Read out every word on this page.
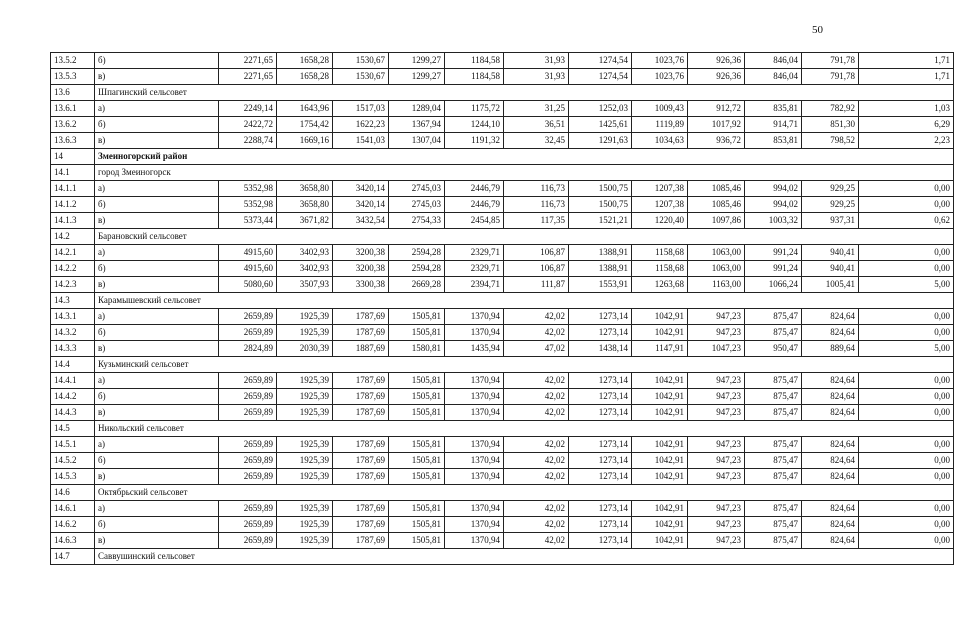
50
13.5.2	б)	2271,65	1658,28	1530,67	1299,27	1184,58	31,93	1274,54	1023,76	926,36	846,04	791,78	1,71
13.5.3	в)	2271,65	1658,28	1530,67	1299,27	1184,58	31,93	1274,54	1023,76	926,36	846,04	791,78	1,71
13.6	Шпагинский сельсовет												
13.6.1	а)	2249,14	1643,96	1517,03	1289,04	1175,72	31,25	1252,03	1009,43	912,72	835,81	782,92	1,03
13.6.2	б)	2422,72	1754,42	1622,23	1367,94	1244,10	36,51	1425,61	1119,89	1017,92	914,71	851,30	6,29
13.6.3	в)	2288,74	1669,16	1541,03	1307,04	1191,32	32,45	1291,63	1034,63	936,72	853,81	798,52	2,23
14	Змеиногорский район												
14.1	город Змеиногорск												
14.1.1	а)	5352,98	3658,80	3420,14	2745,03	2446,79	116,73	1500,75	1207,38	1085,46	994,02	929,25	0,00
14.1.2	б)	5352,98	3658,80	3420,14	2745,03	2446,79	116,73	1500,75	1207,38	1085,46	994,02	929,25	0,00
14.1.3	в)	5373,44	3671,82	3432,54	2754,33	2454,85	117,35	1521,21	1220,40	1097,86	1003,32	937,31	0,62
14.2	Барановский сельсовет												
14.2.1	а)	4915,60	3402,93	3200,38	2594,28	2329,71	106,87	1388,91	1158,68	1063,00	991,24	940,41	0,00
14.2.2	б)	4915,60	3402,93	3200,38	2594,28	2329,71	106,87	1388,91	1158,68	1063,00	991,24	940,41	0,00
14.2.3	в)	5080,60	3507,93	3300,38	2669,28	2394,71	111,87	1553,91	1263,68	1163,00	1066,24	1005,41	5,00
14.3	Карамышевский сельсовет												
14.3.1	а)	2659,89	1925,39	1787,69	1505,81	1370,94	42,02	1273,14	1042,91	947,23	875,47	824,64	0,00
14.3.2	б)	2659,89	1925,39	1787,69	1505,81	1370,94	42,02	1273,14	1042,91	947,23	875,47	824,64	0,00
14.3.3	в)	2824,89	2030,39	1887,69	1580,81	1435,94	47,02	1438,14	1147,91	1047,23	950,47	889,64	5,00
14.4	Кузьминский сельсовет												
14.4.1	а)	2659,89	1925,39	1787,69	1505,81	1370,94	42,02	1273,14	1042,91	947,23	875,47	824,64	0,00
14.4.2	б)	2659,89	1925,39	1787,69	1505,81	1370,94	42,02	1273,14	1042,91	947,23	875,47	824,64	0,00
14.4.3	в)	2659,89	1925,39	1787,69	1505,81	1370,94	42,02	1273,14	1042,91	947,23	875,47	824,64	0,00
14.5	Никольский сельсовет												
14.5.1	а)	2659,89	1925,39	1787,69	1505,81	1370,94	42,02	1273,14	1042,91	947,23	875,47	824,64	0,00
14.5.2	б)	2659,89	1925,39	1787,69	1505,81	1370,94	42,02	1273,14	1042,91	947,23	875,47	824,64	0,00
14.5.3	в)	2659,89	1925,39	1787,69	1505,81	1370,94	42,02	1273,14	1042,91	947,23	875,47	824,64	0,00
14.6	Октябрьский сельсовет												
14.6.1	а)	2659,89	1925,39	1787,69	1505,81	1370,94	42,02	1273,14	1042,91	947,23	875,47	824,64	0,00
14.6.2	б)	2659,89	1925,39	1787,69	1505,81	1370,94	42,02	1273,14	1042,91	947,23	875,47	824,64	0,00
14.6.3	в)	2659,89	1925,39	1787,69	1505,81	1370,94	42,02	1273,14	1042,91	947,23	875,47	824,64	0,00
14.7	Саввушинский сельсовет												
